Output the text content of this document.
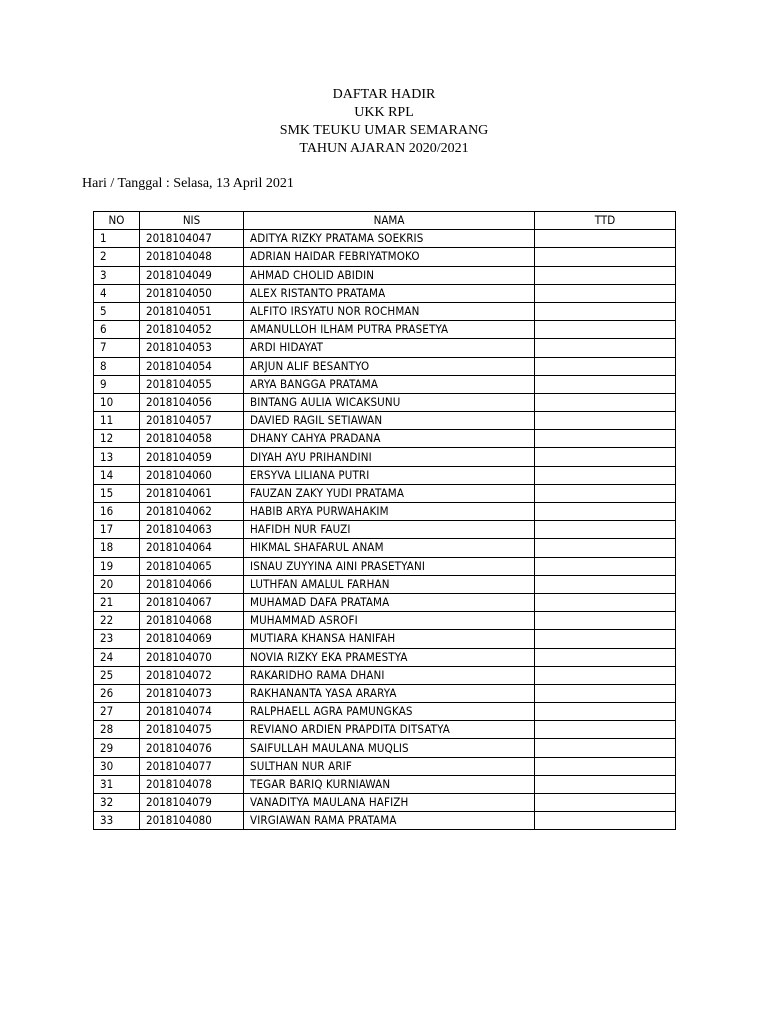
DAFTAR HADIR
UKK RPL
SMK TEUKU UMAR SEMARANG
TAHUN AJARAN 2020/2021
Hari / Tanggal : Selasa, 13 April 2021
NO	NIS	NAMA	TTD
1	2018104047	ADITYA RIZKY PRATAMA SOEKRIS	
2	2018104048	ADRIAN HAIDAR FEBRIYATMOKO	
3	2018104049	AHMAD CHOLID ABIDIN	
4	2018104050	ALEX RISTANTO PRATAMA	
5	2018104051	ALFITO IRSYATU NOR ROCHMAN	
6	2018104052	AMANULLOH ILHAM PUTRA PRASETYA	
7	2018104053	ARDI HIDAYAT	
8	2018104054	ARJUN ALIF BESANTYO	
9	2018104055	ARYA BANGGA PRATAMA	
10	2018104056	BINTANG AULIA WICAKSUNU	
11	2018104057	DAVIED RAGIL SETIAWAN	
12	2018104058	DHANY CAHYA PRADANA	
13	2018104059	DIYAH AYU PRIHANDINI	
14	2018104060	ERSYVA LILIANA PUTRI	
15	2018104061	FAUZAN ZAKY YUDI PRATAMA	
16	2018104062	HABIB ARYA PURWAHAKIM	
17	2018104063	HAFIDH NUR FAUZI	
18	2018104064	HIKMAL SHAFARUL ANAM	
19	2018104065	ISNAU ZUYYINA AINI PRASETYANI	
20	2018104066	LUTHFAN AMALUL FARHAN	
21	2018104067	MUHAMAD DAFA PRATAMA	
22	2018104068	MUHAMMAD ASROFI	
23	2018104069	MUTIARA KHANSA HANIFAH	
24	2018104070	NOVIA RIZKY EKA PRAMESTYA	
25	2018104072	RAKARIDHO RAMA DHANI	
26	2018104073	RAKHANANTA YASA ARARYA	
27	2018104074	RALPHAELL AGRA PAMUNGKAS	
28	2018104075	REVIANO ARDIEN PRAPDITA DITSATYA	
29	2018104076	SAIFULLAH MAULANA MUQLIS	
30	2018104077	SULTHAN NUR ARIF	
31	2018104078	TEGAR BARIQ KURNIAWAN	
32	2018104079	VANADITYA MAULANA HAFIZH	
33	2018104080	VIRGIAWAN RAMA PRATAMA	
